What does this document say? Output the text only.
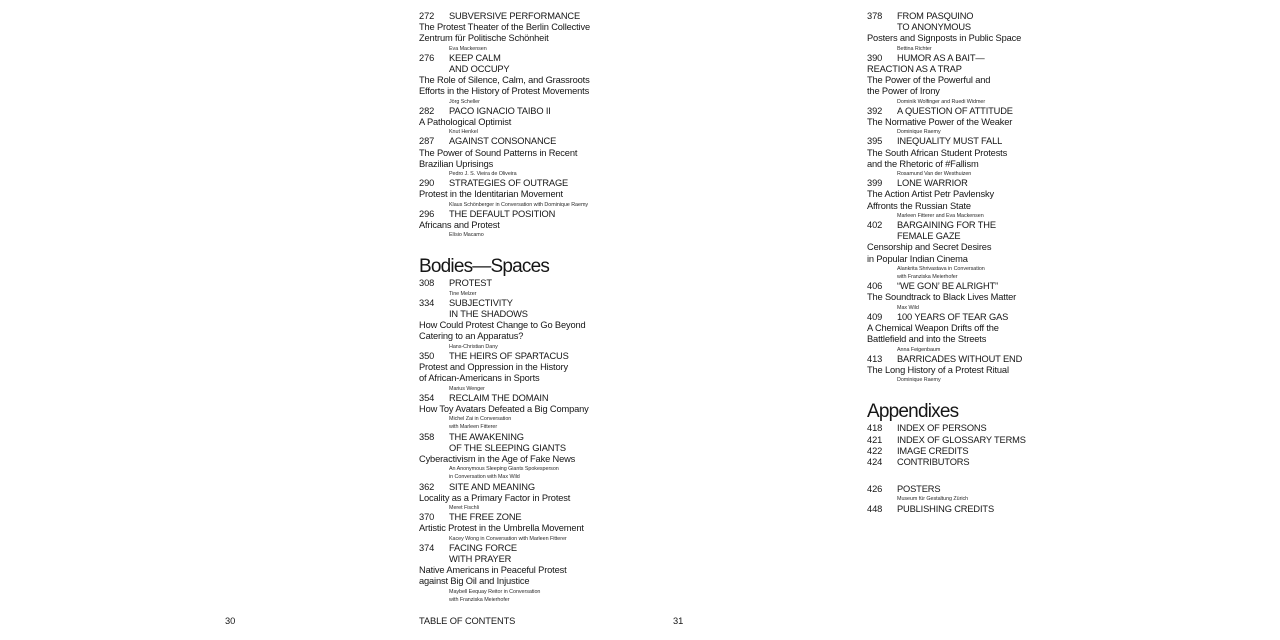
272 SUBVERSIVE PERFORMANCE
The Protest Theater of the Berlin Collective
Zentrum für Politische Schönheit
Eva Mackensen
276 KEEP CALM
AND OCCUPY
The Role of Silence, Calm, and Grassroots
Efforts in the History of Protest Movements
Jörg Scheller
282 PACO IGNACIO TAIBO II
A Pathological Optimist
Knut Henkel
287 AGAINST CONSONANCE
The Power of Sound Patterns in Recent
Brazilian Uprisings
Pedro J. S. Vieira de Oliveira
290 STRATEGIES OF OUTRAGE
Protest in the Identitarian Movement
Klaus Schönberger in Conversation with Dominique Raemy
296 THE DEFAULT POSITION
Africans and Protest
Elísio Macamo
Bodies—Spaces
308 PROTEST
Tine Melzer
334 SUBJECTIVITY
IN THE SHADOWS
How Could Protest Change to Go Beyond
Catering to an Apparatus?
Hans-Christian Dany
350 THE HEIRS OF SPARTACUS
Protest and Oppression in the History
of African-Americans in Sports
Marius Wenger
354 RECLAIM THE DOMAIN
How Toy Avatars Defeated a Big Company
Michel Zai in Conversation
with Marleen Fitterer
358 THE AWAKENING
OF THE SLEEPING GIANTS
Cyberactivism in the Age of Fake News
An Anonymous Sleeping Giants Spokesperson
in Conversation with Max Wild
362 SITE AND MEANING
Locality as a Primary Factor in Protest
Meret Fischli
370 THE FREE ZONE
Artistic Protest in the Umbrella Movement
Kacey Wong in Conversation with Marleen Fitterer
374 FACING FORCE
WITH PRAYER
Native Americans in Peaceful Protest
against Big Oil and Injustice
Maybell Eequay Reitor in Conversation
with Franziska Meierhofer
378 FROM PASQUINO
TO ANONYMOUS
Posters and Signposts in Public Space
Bettina Richter
390 HUMOR AS A BAIT—
REACTION AS A TRAP
The Power of the Powerful and
the Power of Irony
Dominik Wolfinger and Ruedi Widmer
392 A QUESTION OF ATTITUDE
The Normative Power of the Weaker
Dominique Raemy
395 INEQUALITY MUST FALL
The South African Student Protests
and the Rhetoric of #Fallism
Rosamund Van der Westhuizen
399 LONE WARRIOR
The Action Artist Petr Pavlensky
Affronts the Russian State
Marleen Fitterer and Eva Mackensen
402 BARGAINING FOR THE
FEMALE GAZE
Censorship and Secret Desires
in Popular Indian Cinema
Alankrita Shrivastava in Conversation
with Franziska Meierhofer
406 “WE GON’ BE ALRIGHT”
The Soundtrack to Black Lives Matter
Max Wild
409 100 YEARS OF TEAR GAS
A Chemical Weapon Drifts off the
Battlefield and into the Streets
Anna Feigenbaum
413 BARRICADES WITHOUT END
The Long History of a Protest Ritual
Dominique Raemy
Appendixes
418 INDEX OF PERSONS
421 INDEX OF GLOSSARY TERMS
422 IMAGE CREDITS
424 CONTRIBUTORS
426 POSTERS
Museum für Gestaltung Zürich
448 PUBLISHING CREDITS
30	TABLE OF CONTENTS	31
